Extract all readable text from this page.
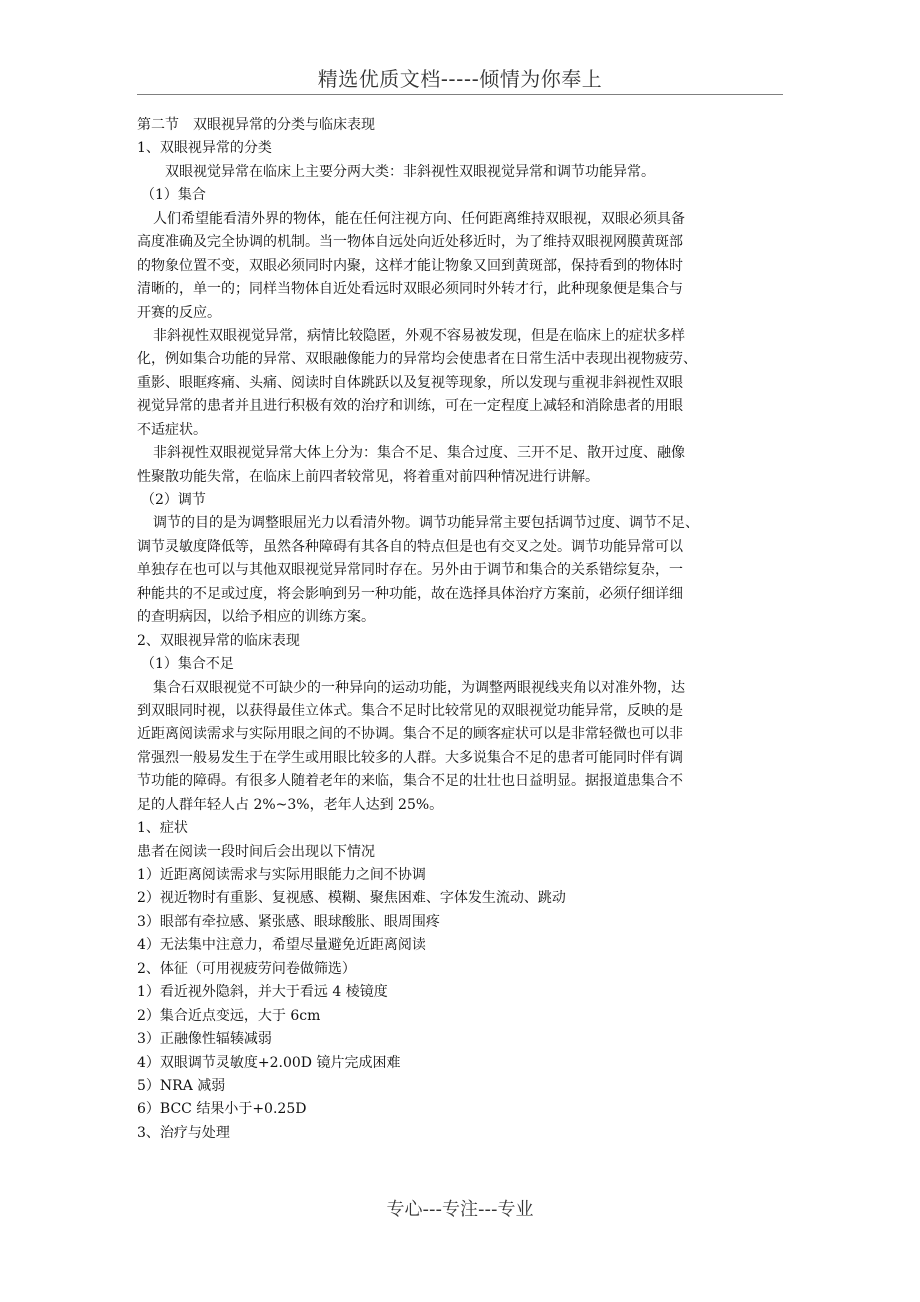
精选优质文档-----倾情为你奉上
第二节　双眼视异常的分类与临床表现
1、双眼视异常的分类
双眼视觉异常在临床上主要分两大类：非斜视性双眼视觉异常和调节功能异常。
（1）集合
人们希望能看清外界的物体，能在任何注视方向、任何距离维持双眼视，双眼必须具备
高度准确及完全协调的机制。当一物体自远处向近处移近时，为了维持双眼视网膜黄斑部
的物象位置不变，双眼必须同时内聚，这样才能让物象又回到黄斑部，保持看到的物体时
清晰的，单一的；同样当物体自近处看远时双眼必须同时外转才行，此种现象便是集合与
开赛的反应。
非斜视性双眼视觉异常，病情比较隐匿，外观不容易被发现，但是在临床上的症状多样
化，例如集合功能的异常、双眼融像能力的异常均会使患者在日常生活中表现出视物疲劳、
重影、眼眶疼痛、头痛、阅读时自体跳跃以及复视等现象，所以发现与重视非斜视性双眼
视觉异常的患者并且进行积极有效的治疗和训练，可在一定程度上减轻和消除患者的用眼
不适症状。
非斜视性双眼视觉异常大体上分为：集合不足、集合过度、三开不足、散开过度、融像
性聚散功能失常，在临床上前四者较常见，将着重对前四种情况进行讲解。
（2）调节
调节的目的是为调整眼屈光力以看清外物。调节功能异常主要包括调节过度、调节不足、
调节灵敏度降低等，虽然各种障碍有其各自的特点但是也有交叉之处。调节功能异常可以
单独存在也可以与其他双眼视觉异常同时存在。另外由于调节和集合的关系错综复杂，一
种能共的不足或过度，将会影响到另一种功能，故在选择具体治疗方案前，必须仔细详细
的查明病因，以给予相应的训练方案。
2、双眼视异常的临床表现
（1）集合不足
集合石双眼视觉不可缺少的一种异向的运动功能，为调整两眼视线夹角以对准外物，达
到双眼同时视，以获得最佳立体式。集合不足时比较常见的双眼视觉功能异常，反映的是
近距离阅读需求与实际用眼之间的不协调。集合不足的顾客症状可以是非常轻微也可以非
常强烈一般易发生于在学生或用眼比较多的人群。大多说集合不足的患者可能同时伴有调
节功能的障碍。有很多人随着老年的来临，集合不足的壮壮也日益明显。据报道患集合不
足的人群年轻人占 2%~3%，老年人达到 25%。
1、症状
患者在阅读一段时间后会出现以下情况
1）近距离阅读需求与实际用眼能力之间不协调
2）视近物时有重影、复视感、模糊、聚焦困难、字体发生流动、跳动
3）眼部有牵拉感、紧张感、眼球酸胀、眼周围疼
4）无法集中注意力，希望尽量避免近距离阅读
2、体征（可用视疲劳问卷做筛选）
1）看近视外隐斜，并大于看远 4 棱镜度
2）集合近点变远，大于 6cm
3）正融像性辐辏减弱
4）双眼调节灵敏度+2.00D 镜片完成困难
5）NRA 减弱
6）BCC 结果小于+0.25D
3、治疗与处理
专心---专注---专业
